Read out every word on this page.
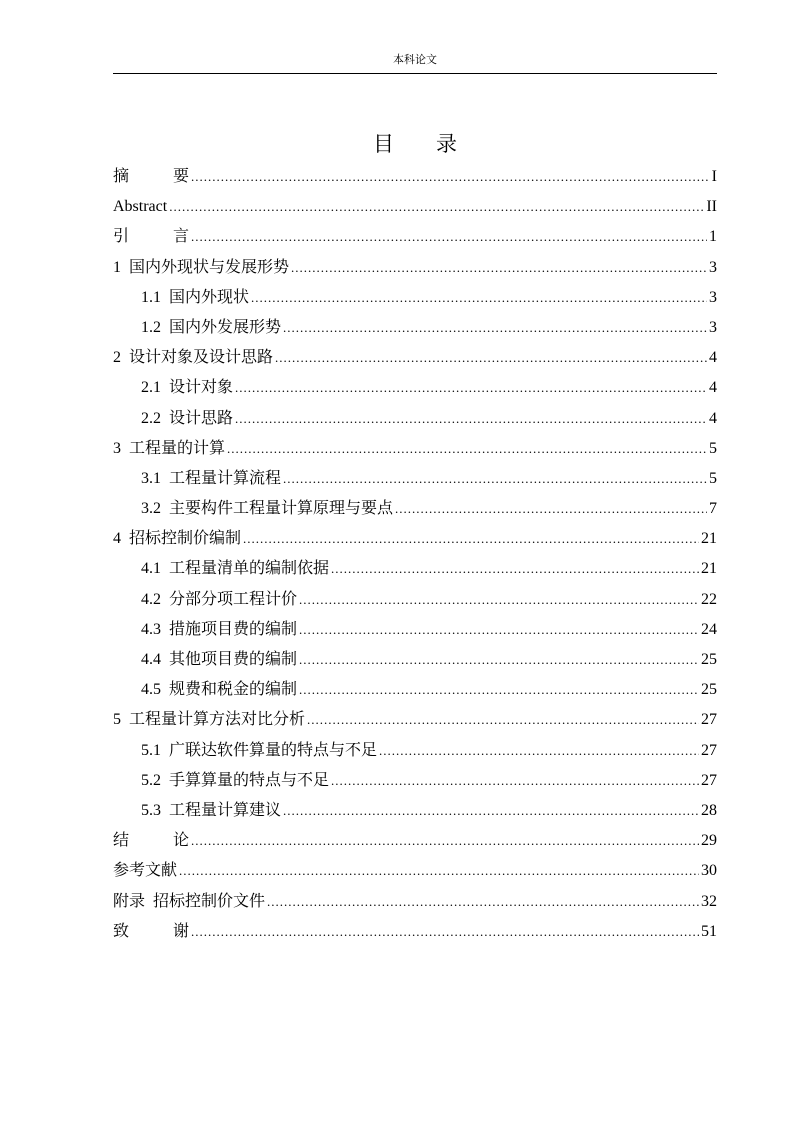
本科论文
目 录
摘	要 .....	I
Abstract .....	II
引	言 .....	1
1 国内外现状与发展形势 .....	3
1.1 国内外现状 .....	3
1.2 国内外发展形势 .....	3
2 设计对象及设计思路 .....	4
2.1 设计对象 .....	4
2.2 设计思路 .....	4
3 工程量的计算 .....	5
3.1 工程量计算流程 .....	5
3.2 主要构件工程量计算原理与要点 .....	7
4 招标控制价编制 .....	21
4.1 工程量清单的编制依据 .....	21
4.2 分部分项工程计价 .....	22
4.3 措施项目费的编制 .....	24
4.4 其他项目费的编制 .....	25
4.5 规费和税金的编制 .....	25
5 工程量计算方法对比分析 .....	27
5.1 广联达软件算量的特点与不足 .....	27
5.2 手算算量的特点与不足 .....	27
5.3 工程量计算建议 .....	28
结	论 .....	29
参考文献 .....	30
附录  招标控制价文件 .....	32
致	谢 .....	51
